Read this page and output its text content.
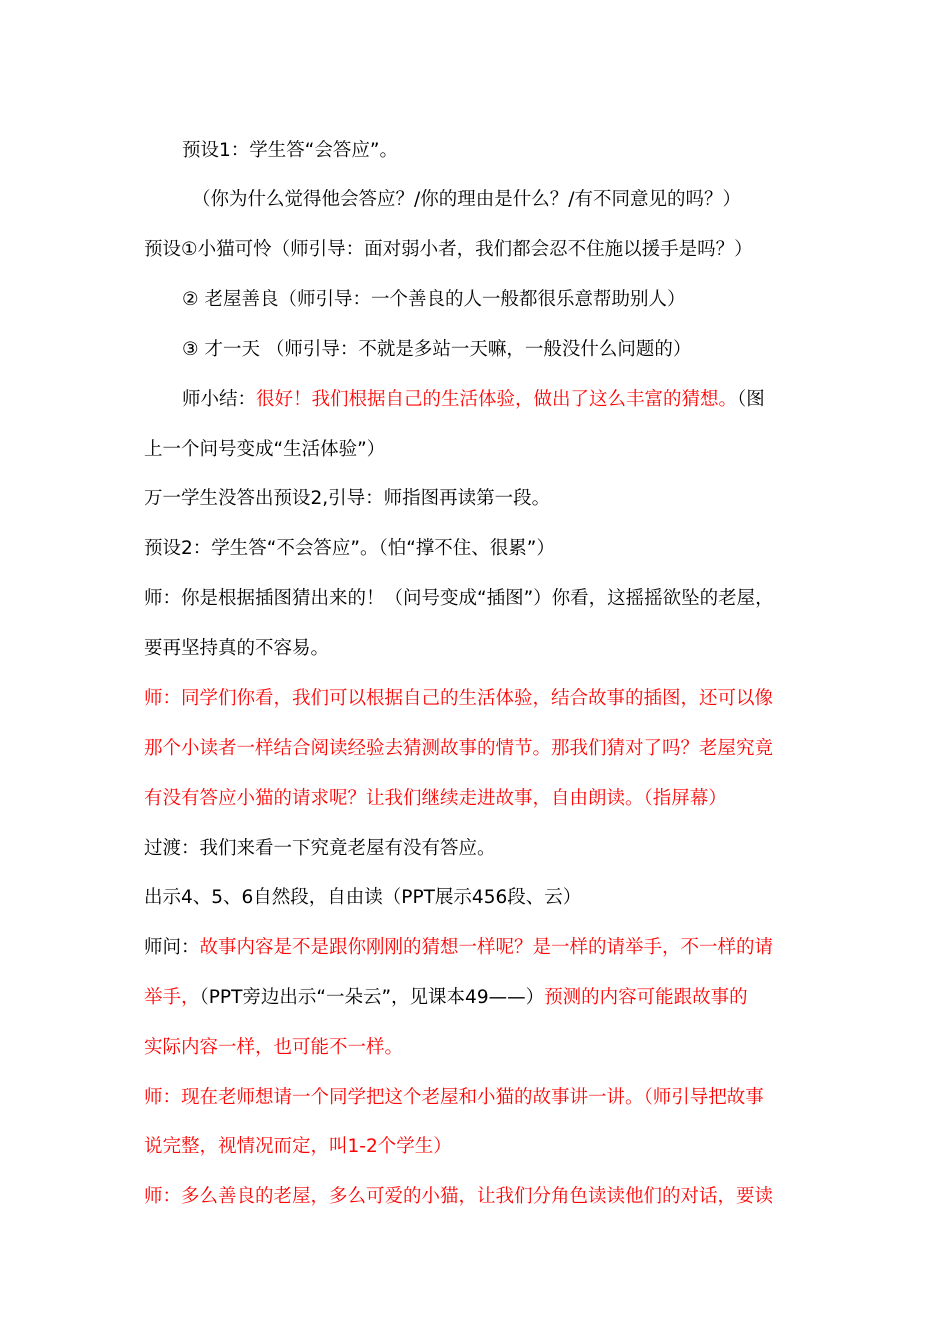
预设1：学生答“会答应”。
（你为什么觉得他会答应？/你的理由是什么？/有不同意见的吗？）
预设①小猫可怜（师引导：面对弱小者，我们都会忍不住施以援手是吗？）
② 老屋善良（师引导：一个善良的人一般都很乐意帮助别人）
③ 才一天 （师引导：不就是多站一天嘛，一般没什么问题的）
师小结：很好！我们根据自己的生活体验，做出了这么丰富的猜想。（图
上一个问号变成“生活体验”）
万一学生没答出预设2,引导：师指图再读第一段。
预设2：学生答“不会答应”。（怕“撑不住、很累”）
师：你是根据插图猜出来的！（问号变成“插图”）你看，这摇摇欲坠的老屋，
要再坚持真的不容易。
师：同学们你看，我们可以根据自己的生活体验，结合故事的插图，还可以像
那个小读者一样结合阅读经验去猜测故事的情节。那我们猜对了吗？老屋究竟
有没有答应小猫的请求呢？让我们继续走进故事，自由朗读。（指屏幕）
过渡：我们来看一下究竟老屋有没有答应。
出示4、5、6自然段，自由读（PPT展示456段、云）
师问：故事内容是不是跟你刚刚的猜想一样呢？是一样的请举手，不一样的请
举手，（PPT旁边出示“一朵云”，见课本49——）预测的内容可能跟故事的
实际内容一样，也可能不一样。
师：现在老师想请一个同学把这个老屋和小猫的故事讲一讲。（师引导把故事
说完整，视情况而定，叫1-2个学生）
师：多么善良的老屋，多么可爱的小猫，让我们分角色读读他们的对话，要读
